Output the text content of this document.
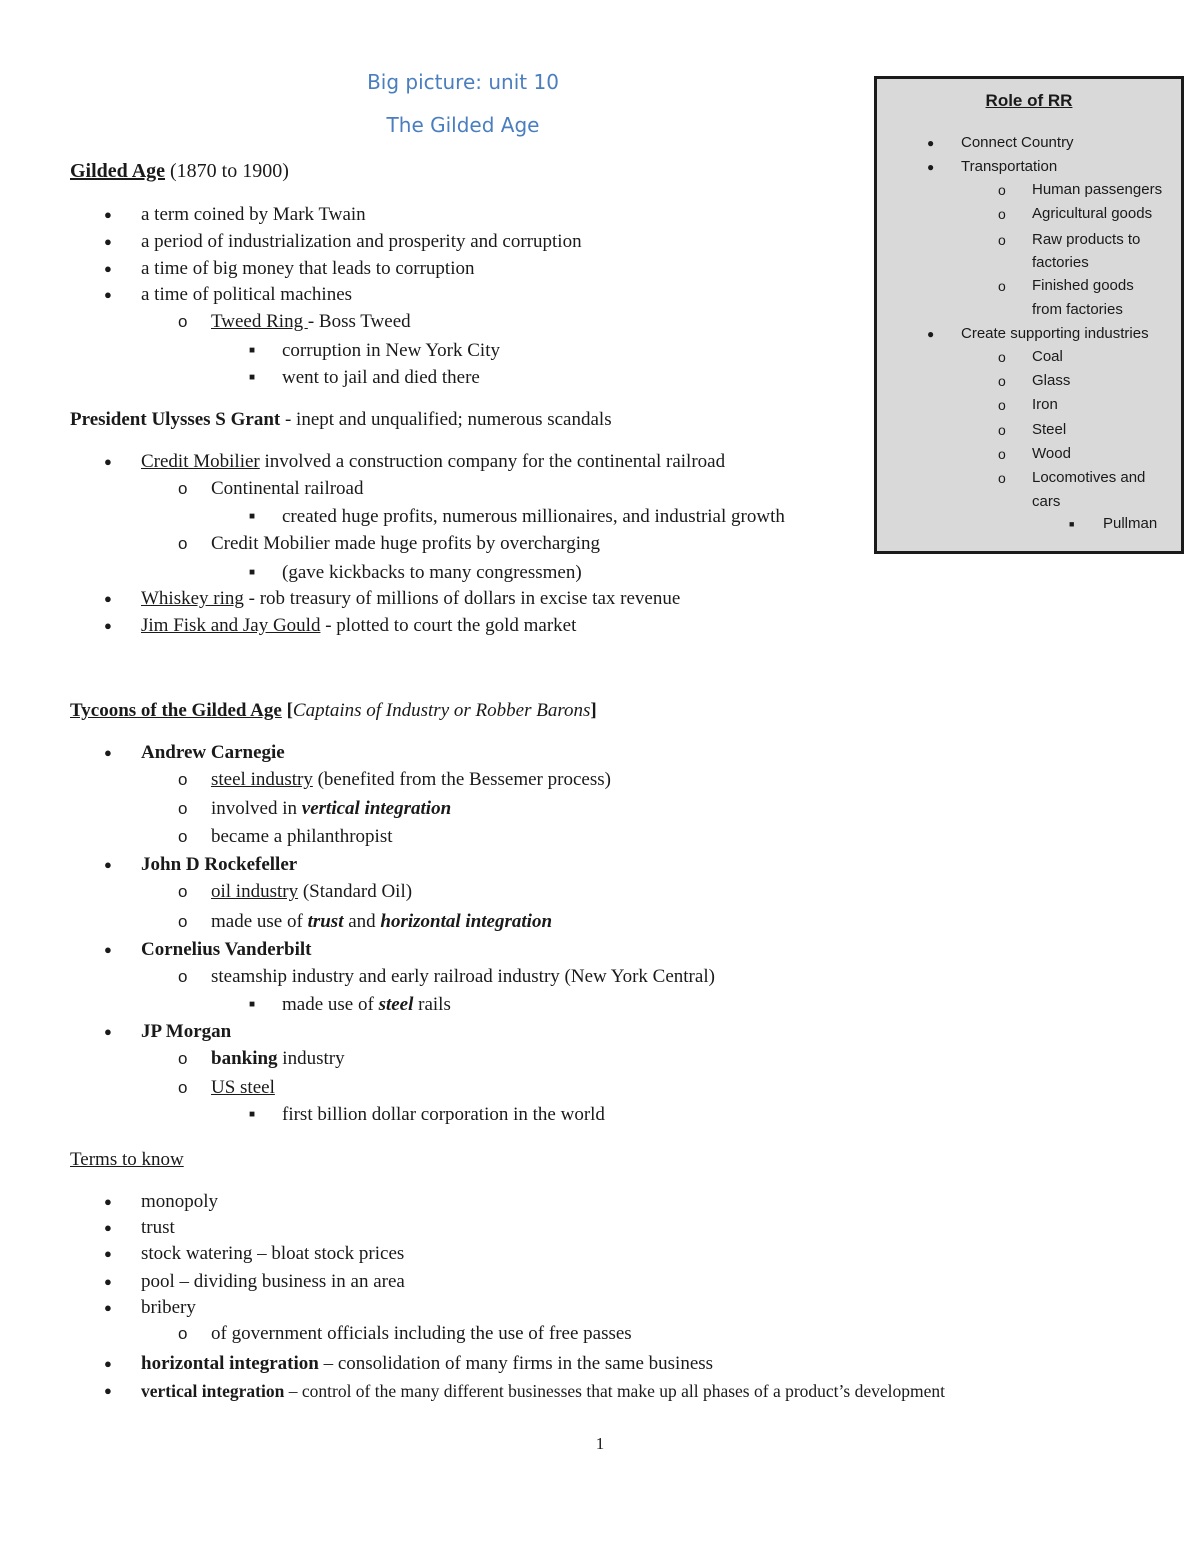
Big picture: unit 10
The Gilded Age
Gilded Age (1870 to 1900)
● a term coined by Mark Twain
● a period of industrialization and prosperity and corruption
● a time of big money that leads to corruption
● a time of political machines
o Tweed Ring - Boss Tweed
■ corruption in New York City
■ went to jail and died there
President Ulysses S Grant - inept and unqualified; numerous scandals
● Credit Mobilier involved a construction company for the continental railroad
o Continental railroad
■ created huge profits, numerous millionaires, and industrial growth
o Credit Mobilier made huge profits by overcharging
■ (gave kickbacks to many congressmen)
● Whiskey ring - rob treasury of millions of dollars in excise tax revenue
● Jim Fisk and Jay Gould - plotted to court the gold market
Tycoons of the Gilded Age [Captains of Industry or Robber Barons]
● Andrew Carnegie
o steel industry (benefited from the Bessemer process)
o involved in vertical integration
o became a philanthropist
● John D Rockefeller
o oil industry (Standard Oil)
o made use of trust and horizontal integration
● Cornelius Vanderbilt
o steamship industry and early railroad industry (New York Central)
■ made use of steel rails
● JP Morgan
o banking industry
o US steel
■ first billion dollar corporation in the world
Terms to know
● monopoly
● trust
● stock watering – bloat stock prices
● pool – dividing business in an area
● bribery
o of government officials including the use of free passes
● horizontal integration – consolidation of many firms in the same business
● vertical integration – control of the many different businesses that make up all phases of a product’s development
1
Role of RR
● Connect Country
● Transportation
o Human passengers
o Agricultural goods
o Raw products to
factories
o Finished goods
from factories
● Create supporting industries
o Coal
o Glass
o Iron
o Steel
o Wood
o Locomotives and
cars
■ Pullman
